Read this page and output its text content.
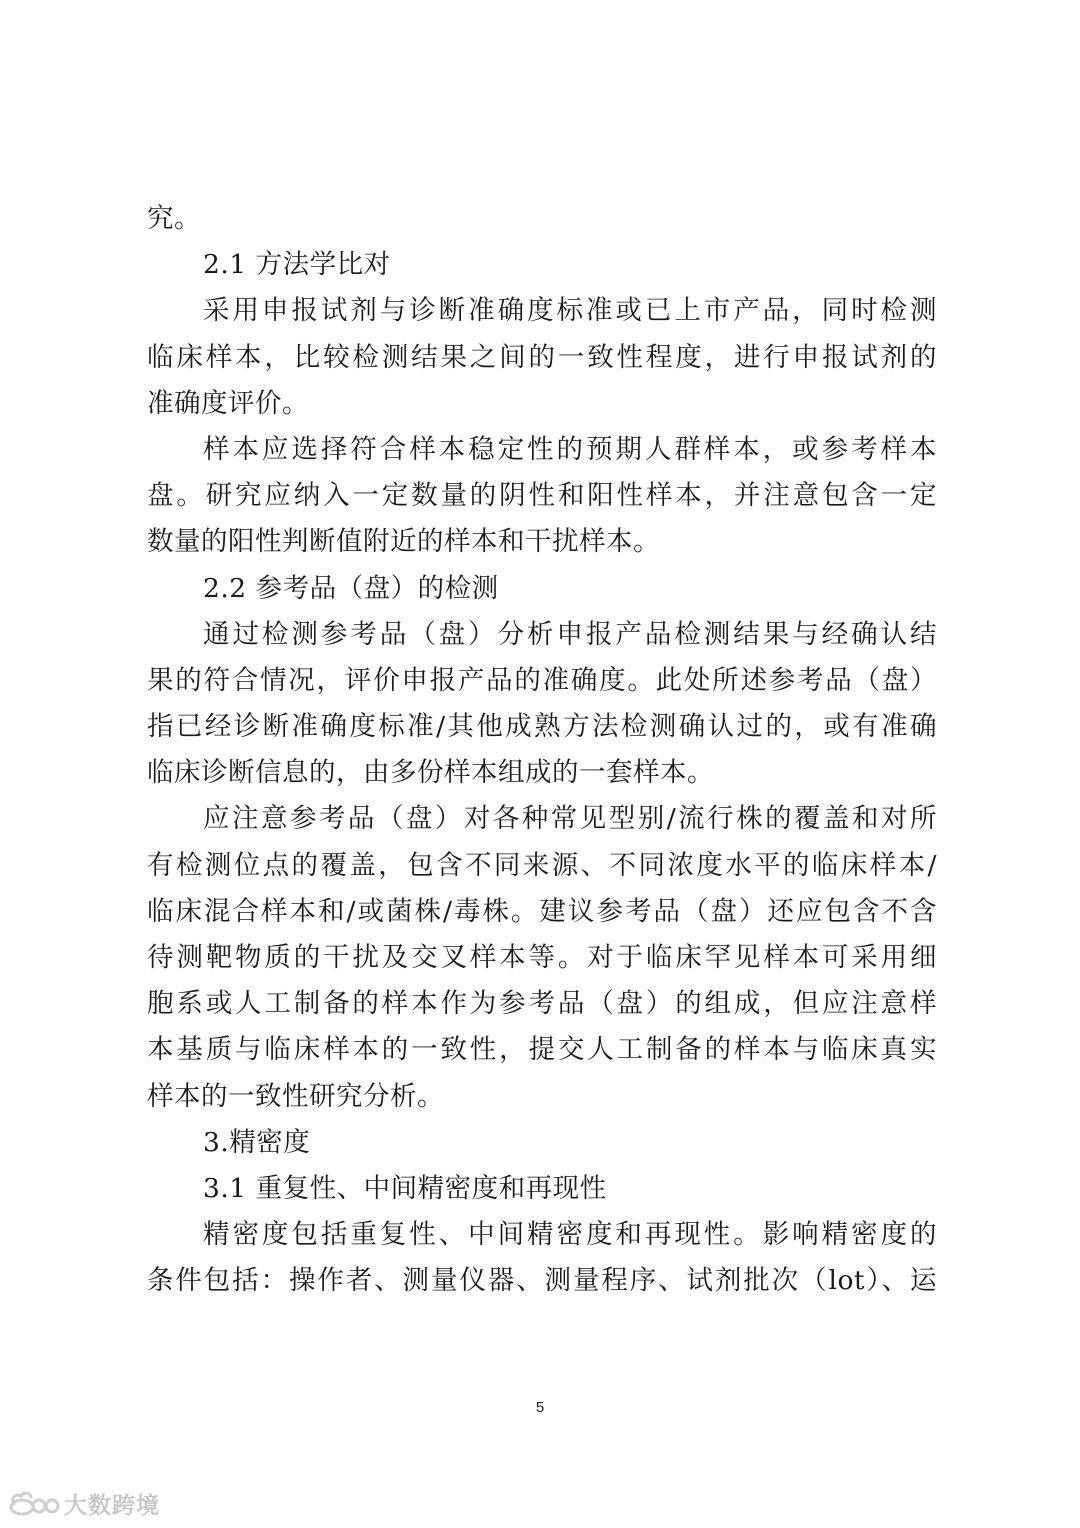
究。
2.1 方法学比对
采用申报试剂与诊断准确度标准或已上市产品，同时检测
临床样本，比较检测结果之间的一致性程度，进行申报试剂的
准确度评价。
样本应选择符合样本稳定性的预期人群样本，或参考样本
盘。研究应纳入一定数量的阴性和阳性样本，并注意包含一定
数量的阳性判断值附近的样本和干扰样本。
2.2 参考品（盘）的检测
通过检测参考品（盘）分析申报产品检测结果与经确认结
果的符合情况，评价申报产品的准确度。此处所述参考品（盘）
指已经诊断准确度标准/其他成熟方法检测确认过的，或有准确
临床诊断信息的，由多份样本组成的一套样本。
应注意参考品（盘）对各种常见型别/流行株的覆盖和对所
有检测位点的覆盖，包含不同来源、不同浓度水平的临床样本/
临床混合样本和/或菌株/毒株。建议参考品（盘）还应包含不含
待测靶物质的干扰及交叉样本等。对于临床罕见样本可采用细
胞系或人工制备的样本作为参考品（盘）的组成，但应注意样
本基质与临床样本的一致性，提交人工制备的样本与临床真实
样本的一致性研究分析。
3.精密度
3.1 重复性、中间精密度和再现性
精密度包括重复性、中间精密度和再现性。影响精密度的
条件包括：操作者、测量仪器、测量程序、试剂批次（lot）、运
5
大数跨境
